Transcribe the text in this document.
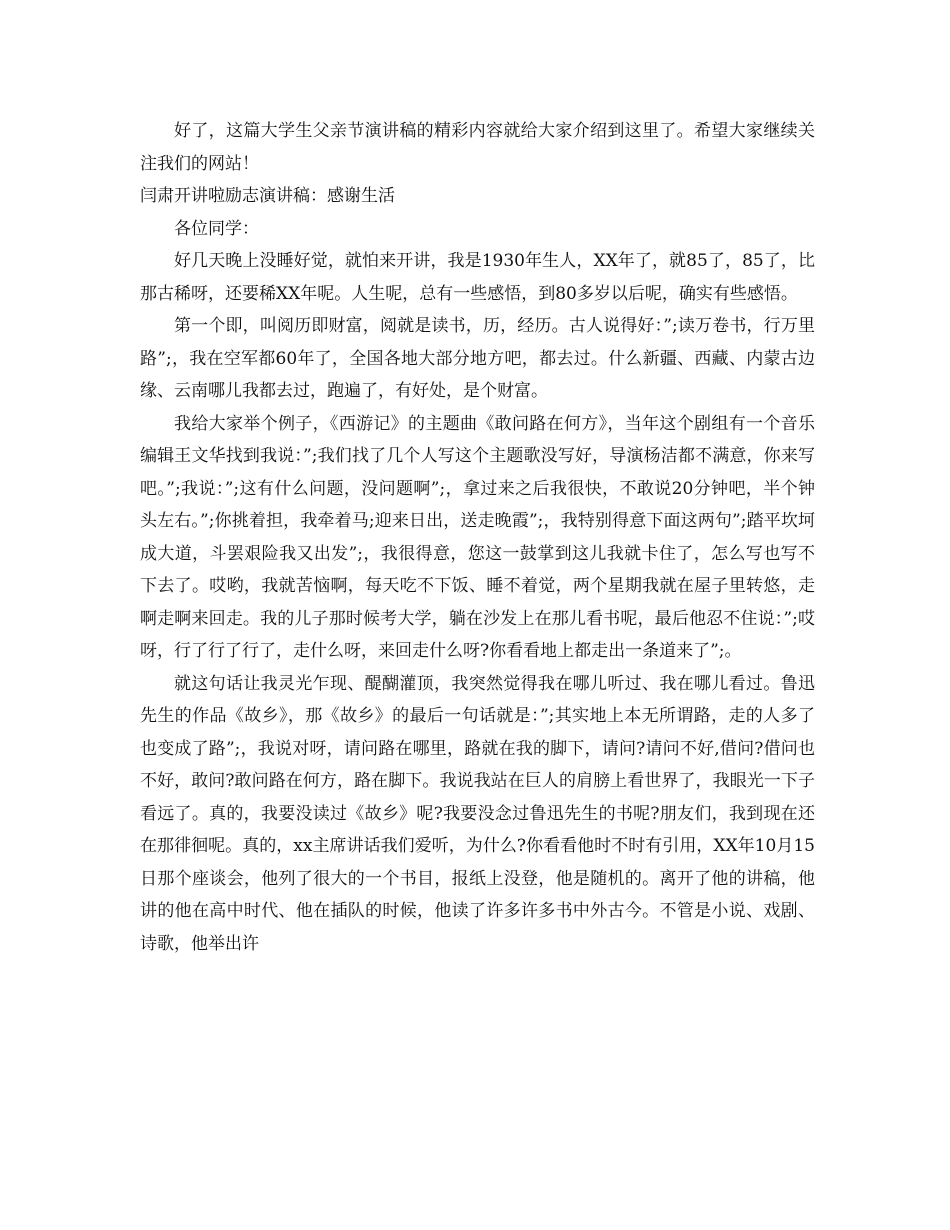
好了，这篇大学生父亲节演讲稿的精彩内容就给大家介绍到这里了。希望大家继续关注我们的网站！

闫肃开讲啦励志演讲稿：感谢生活

各位同学：

好几天晚上没睡好觉，就怕来开讲，我是1930年生人，XX年了，就85了，85了，比那古稀呀，还要稀XX年呢。人生呢，总有一些感悟，到80多岁以后呢，确实有些感悟。

第一个即，叫阅历即财富，阅就是读书，历，经历。古人说得好：”;读万卷书，行万里路”;，我在空军都60年了，全国各地大部分地方吧，都去过。什么新疆、西藏、内蒙古边缘、云南哪儿我都去过，跑遍了，有好处，是个财富。

我给大家举个例子，《西游记》的主题曲《敢问路在何方》，当年这个剧组有一个音乐编辑王文华找到我说：”;我们找了几个人写这个主题歌没写好，导演杨洁都不满意，你来写吧。”;我说：”;这有什么问题，没问题啊”;，拿过来之后我很快，不敢说20分钟吧，半个钟头左右。”;你挑着担，我牵着马;迎来日出，送走晚霞”;，我特别得意下面这两句”;踏平坎坷成大道，斗罢艰险我又出发”;，我很得意，您这一鼓掌到这儿我就卡住了，怎么写也写不下去了。哎哟，我就苦恼啊，每天吃不下饭、睡不着觉，两个星期我就在屋子里转悠，走啊走啊来回走。我的儿子那时候考大学，躺在沙发上在那儿看书呢，最后他忍不住说：”;哎呀，行了行了行了，走什么呀，来回走什么呀?你看看地上都走出一条道来了”;。

就这句话让我灵光乍现、醍醐灌顶，我突然觉得我在哪儿听过、我在哪儿看过。鲁迅先生的作品《故乡》，那《故乡》的最后一句话就是：”;其实地上本无所谓路，走的人多了也变成了路”;，我说对呀，请问路在哪里，路就在我的脚下，请问?请问不好,借问?借问也不好，敢问?敢问路在何方，路在脚下。我说我站在巨人的肩膀上看世界了，我眼光一下子看远了。真的，我要没读过《故乡》呢?我要没念过鲁迅先生的书呢?朋友们，我到现在还在那徘徊呢。真的，xx主席讲话我们爱听，为什么?你看看他时不时有引用，XX年10月15日那个座谈会，他列了很大的一个书目，报纸上没登，他是随机的。离开了他的讲稿，他讲的他在高中时代、他在插队的时候，他读了许多许多书中外古今。不管是小说、戏剧、诗歌，他举出许
